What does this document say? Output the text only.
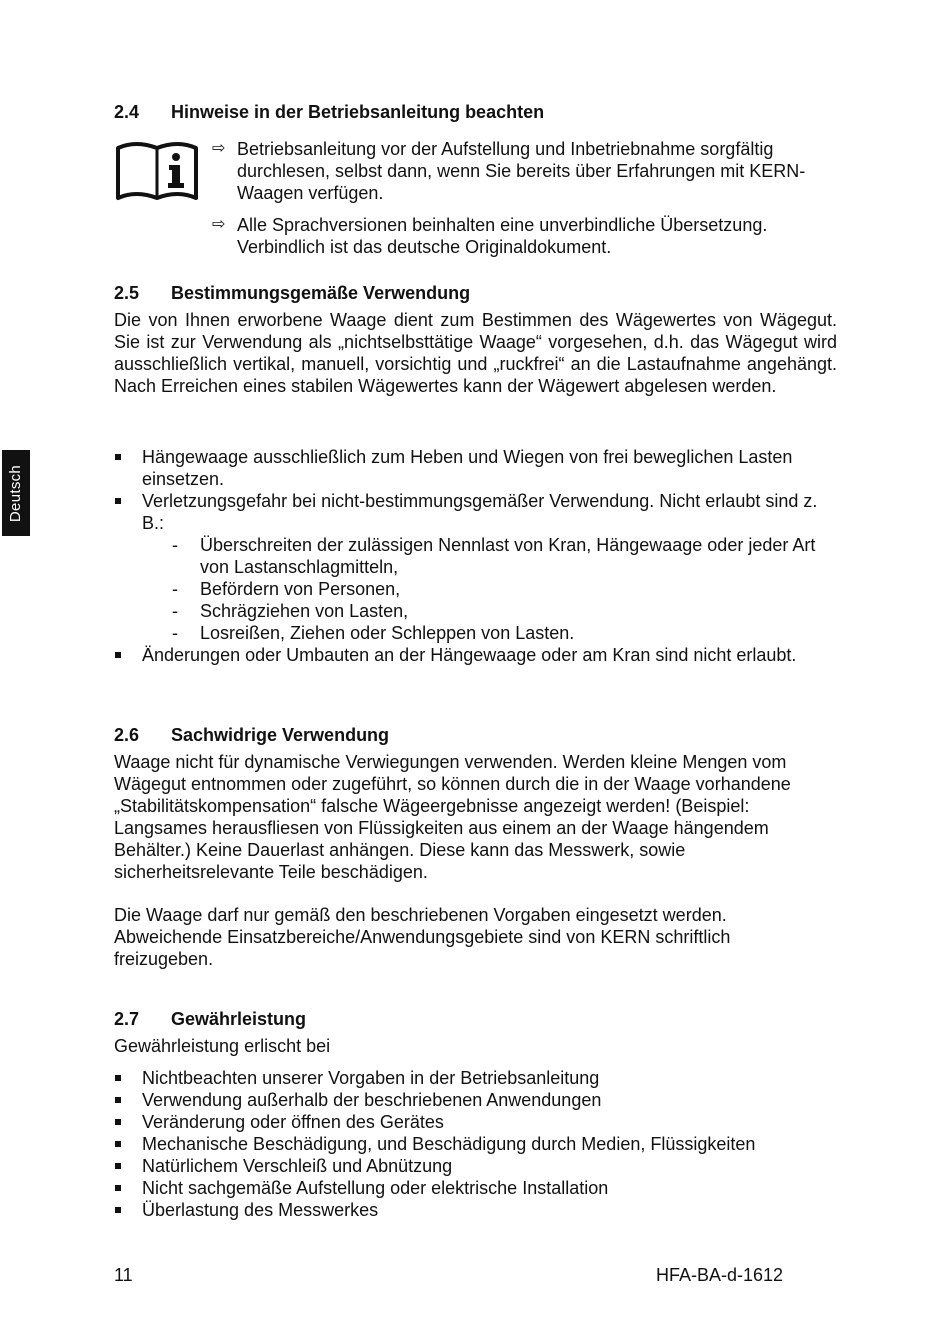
Deutsch
2.4 Hinweise in der Betriebsanleitung beachten
⇨ Betriebsanleitung vor der Aufstellung und Inbetriebnahme sorgfältig durchlesen, selbst dann, wenn Sie bereits über Erfahrungen mit KERN- Waagen verfügen.
⇨ Alle Sprachversionen beinhalten eine unverbindliche Übersetzung. Verbindlich ist das deutsche Originaldokument.
2.5 Bestimmungsgemäße Verwendung

Die von Ihnen erworbene Waage dient zum Bestimmen des Wägewertes von Wägegut. Sie ist zur Verwendung als „nichtselbsttätige Waage“ vorgesehen, d.h. das Wägegut wird ausschließlich vertikal, manuell, vorsichtig und „ruckfrei“ an die Lastaufnahme angehängt. Nach Erreichen eines stabilen Wägewertes kann der Wägewert abgelesen werden.

Hängewaage ausschließlich zum Heben und Wiegen von frei beweglichen Lasten einsetzen.
Verletzungsgefahr bei nicht-bestimmungsgemäßer Verwendung. Nicht erlaubt sind z. B.:
- Überschreiten der zulässigen Nennlast von Kran, Hängewaage oder jeder Art von Lastanschlagmitteln,
- Befördern von Personen,
- Schrägziehen von Lasten,
- Losreißen, Ziehen oder Schleppen von Lasten.
Änderungen oder Umbauten an der Hängewaage oder am Kran sind nicht erlaubt.
2.6 Sachwidrige Verwendung

Waage nicht für dynamische Verwiegungen verwenden. Werden kleine Mengen vom Wägegut entnommen oder zugeführt, so können durch die in der Waage vorhandene „Stabilitätskompensation“ falsche Wägeergebnisse angezeigt werden! (Beispiel: Langsames herausfliesen von Flüssigkeiten aus einem an der Waage hängendem Behälter.) Keine Dauerlast anhängen. Diese kann das Messwerk, sowie sicherheitsrelevante Teile beschädigen.

Die Waage darf nur gemäß den beschriebenen Vorgaben eingesetzt werden. Abweichende Einsatzbereiche/Anwendungsgebiete sind von KERN schriftlich freizugeben.

2.7 Gewährleistung

Gewährleistung erlischt bei

Nichtbeachten unserer Vorgaben in der Betriebsanleitung
Verwendung außerhalb der beschriebenen Anwendungen
Veränderung oder öffnen des Gerätes
Mechanische Beschädigung, und Beschädigung durch Medien, Flüssigkeiten
Natürlichem Verschleiß und Abnützung
Nicht sachgemäße Aufstellung oder elektrische Installation
Überlastung des Messwerkes
11	HFA-BA-d-1612
